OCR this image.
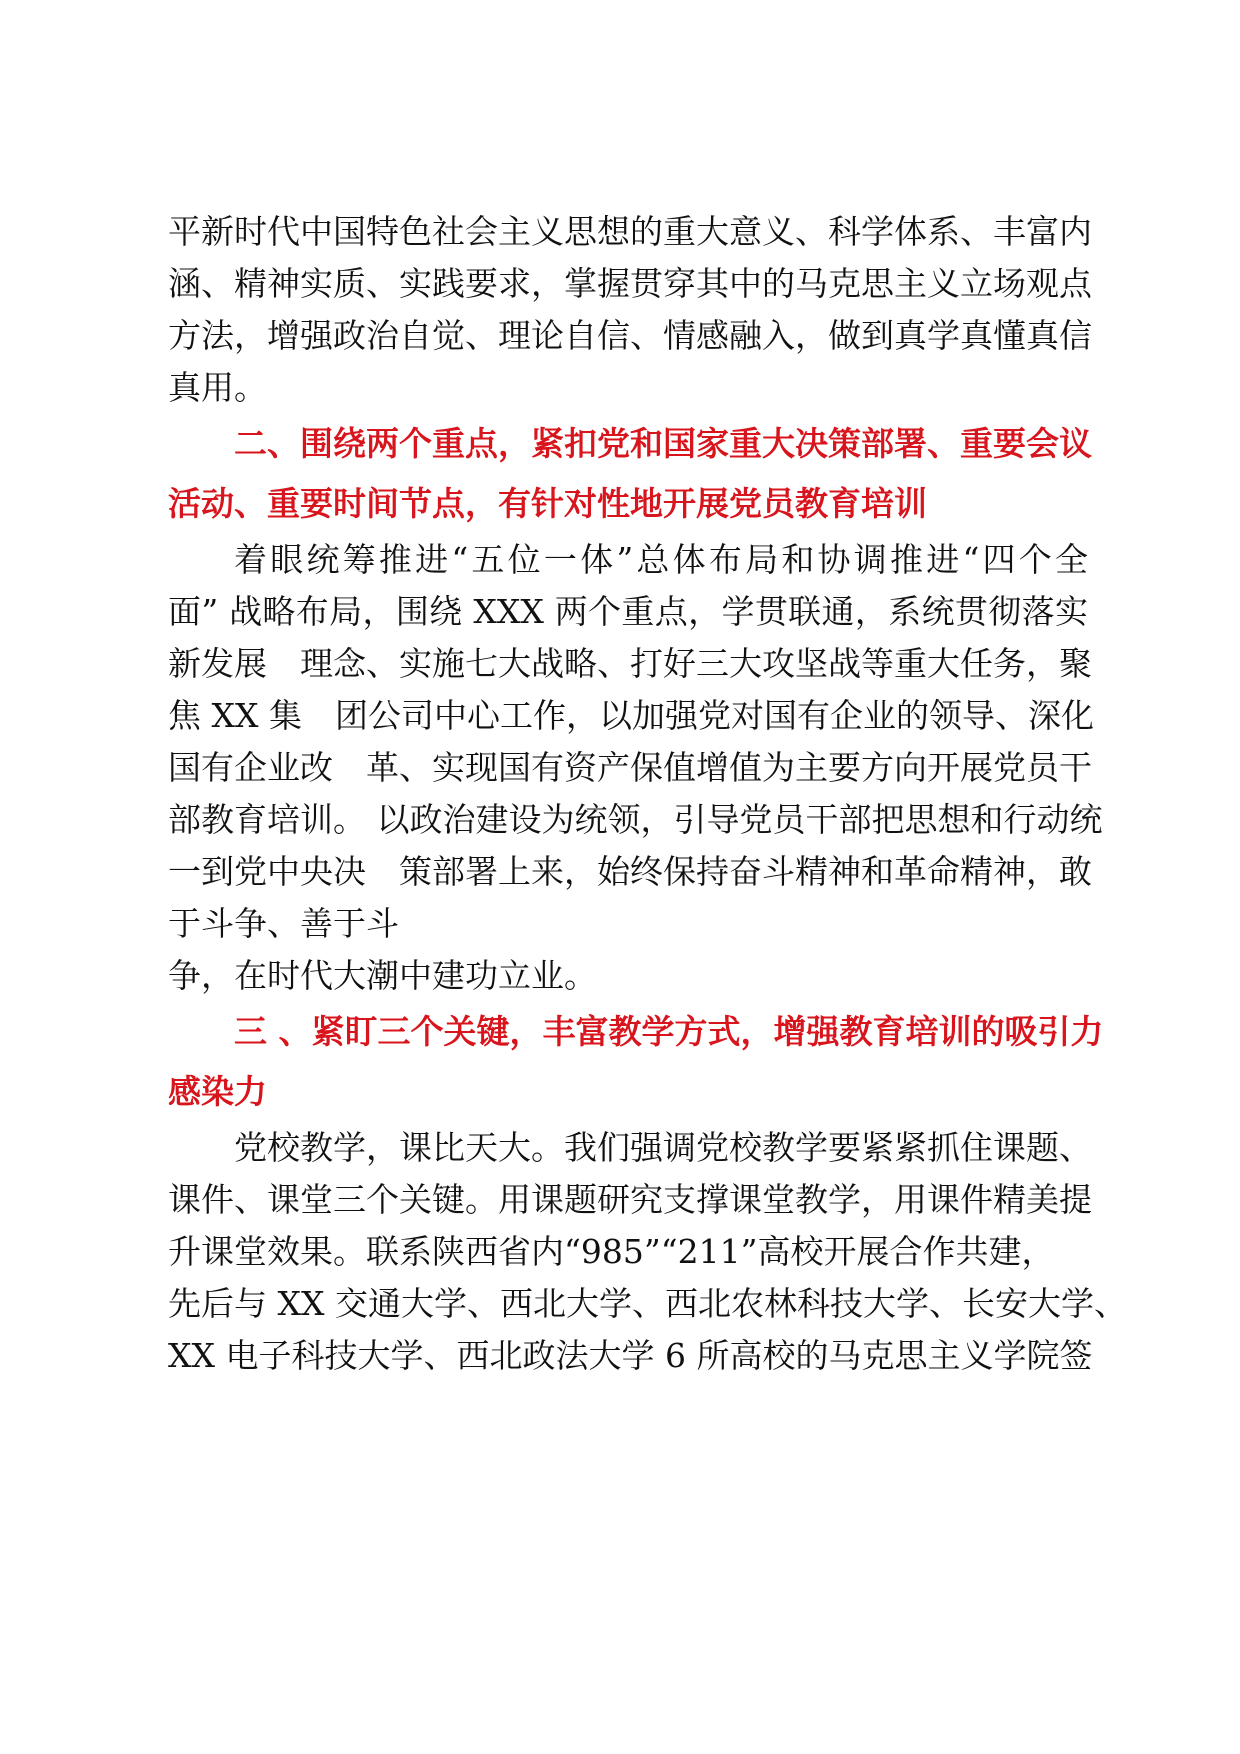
平新时代中国特色社会主义思想的重大意义、科学体系、丰富内
涵、精神实质、实践要求，掌握贯穿其中的马克思主义立场观点
方法，增强政治自觉、理论自信、情感融入，做到真学真懂真信
真用。
二、围绕两个重点，紧扣党和国家重大决策部署、重要会议
活动、重要时间节点，有针对性地开展党员教育培训
着眼统筹推进“五位一体”总体布局和协调推进“四个全
面” 战略布局，围绕 XXX 两个重点，学贯联通，系统贯彻落实
新发展　理念、实施七大战略、打好三大攻坚战等重大任务，聚
焦 XX 集　团公司中心工作，以加强党对国有企业的领导、深化
国有企业改　革、实现国有资产保值增值为主要方向开展党员干
部教育培训。 以政治建设为统领，引导党员干部把思想和行动统
一到党中央决　策部署上来，始终保持奋斗精神和革命精神，敢
于斗争、善于斗
争，在时代大潮中建功立业。
三 、紧盯三个关键，丰富教学方式，增强教育培训的吸引力
感染力
党校教学，课比天大。我们强调党校教学要紧紧抓住课题、
课件、课堂三个关键。用课题研究支撑课堂教学，用课件精美提
升课堂效果。联系陕西省内“985”“211”高校开展合作共建，
先后与 XX 交通大学、西北大学、西北农林科技大学、长安大学、
XX 电子科技大学、西北政法大学 6 所高校的马克思主义学院签
